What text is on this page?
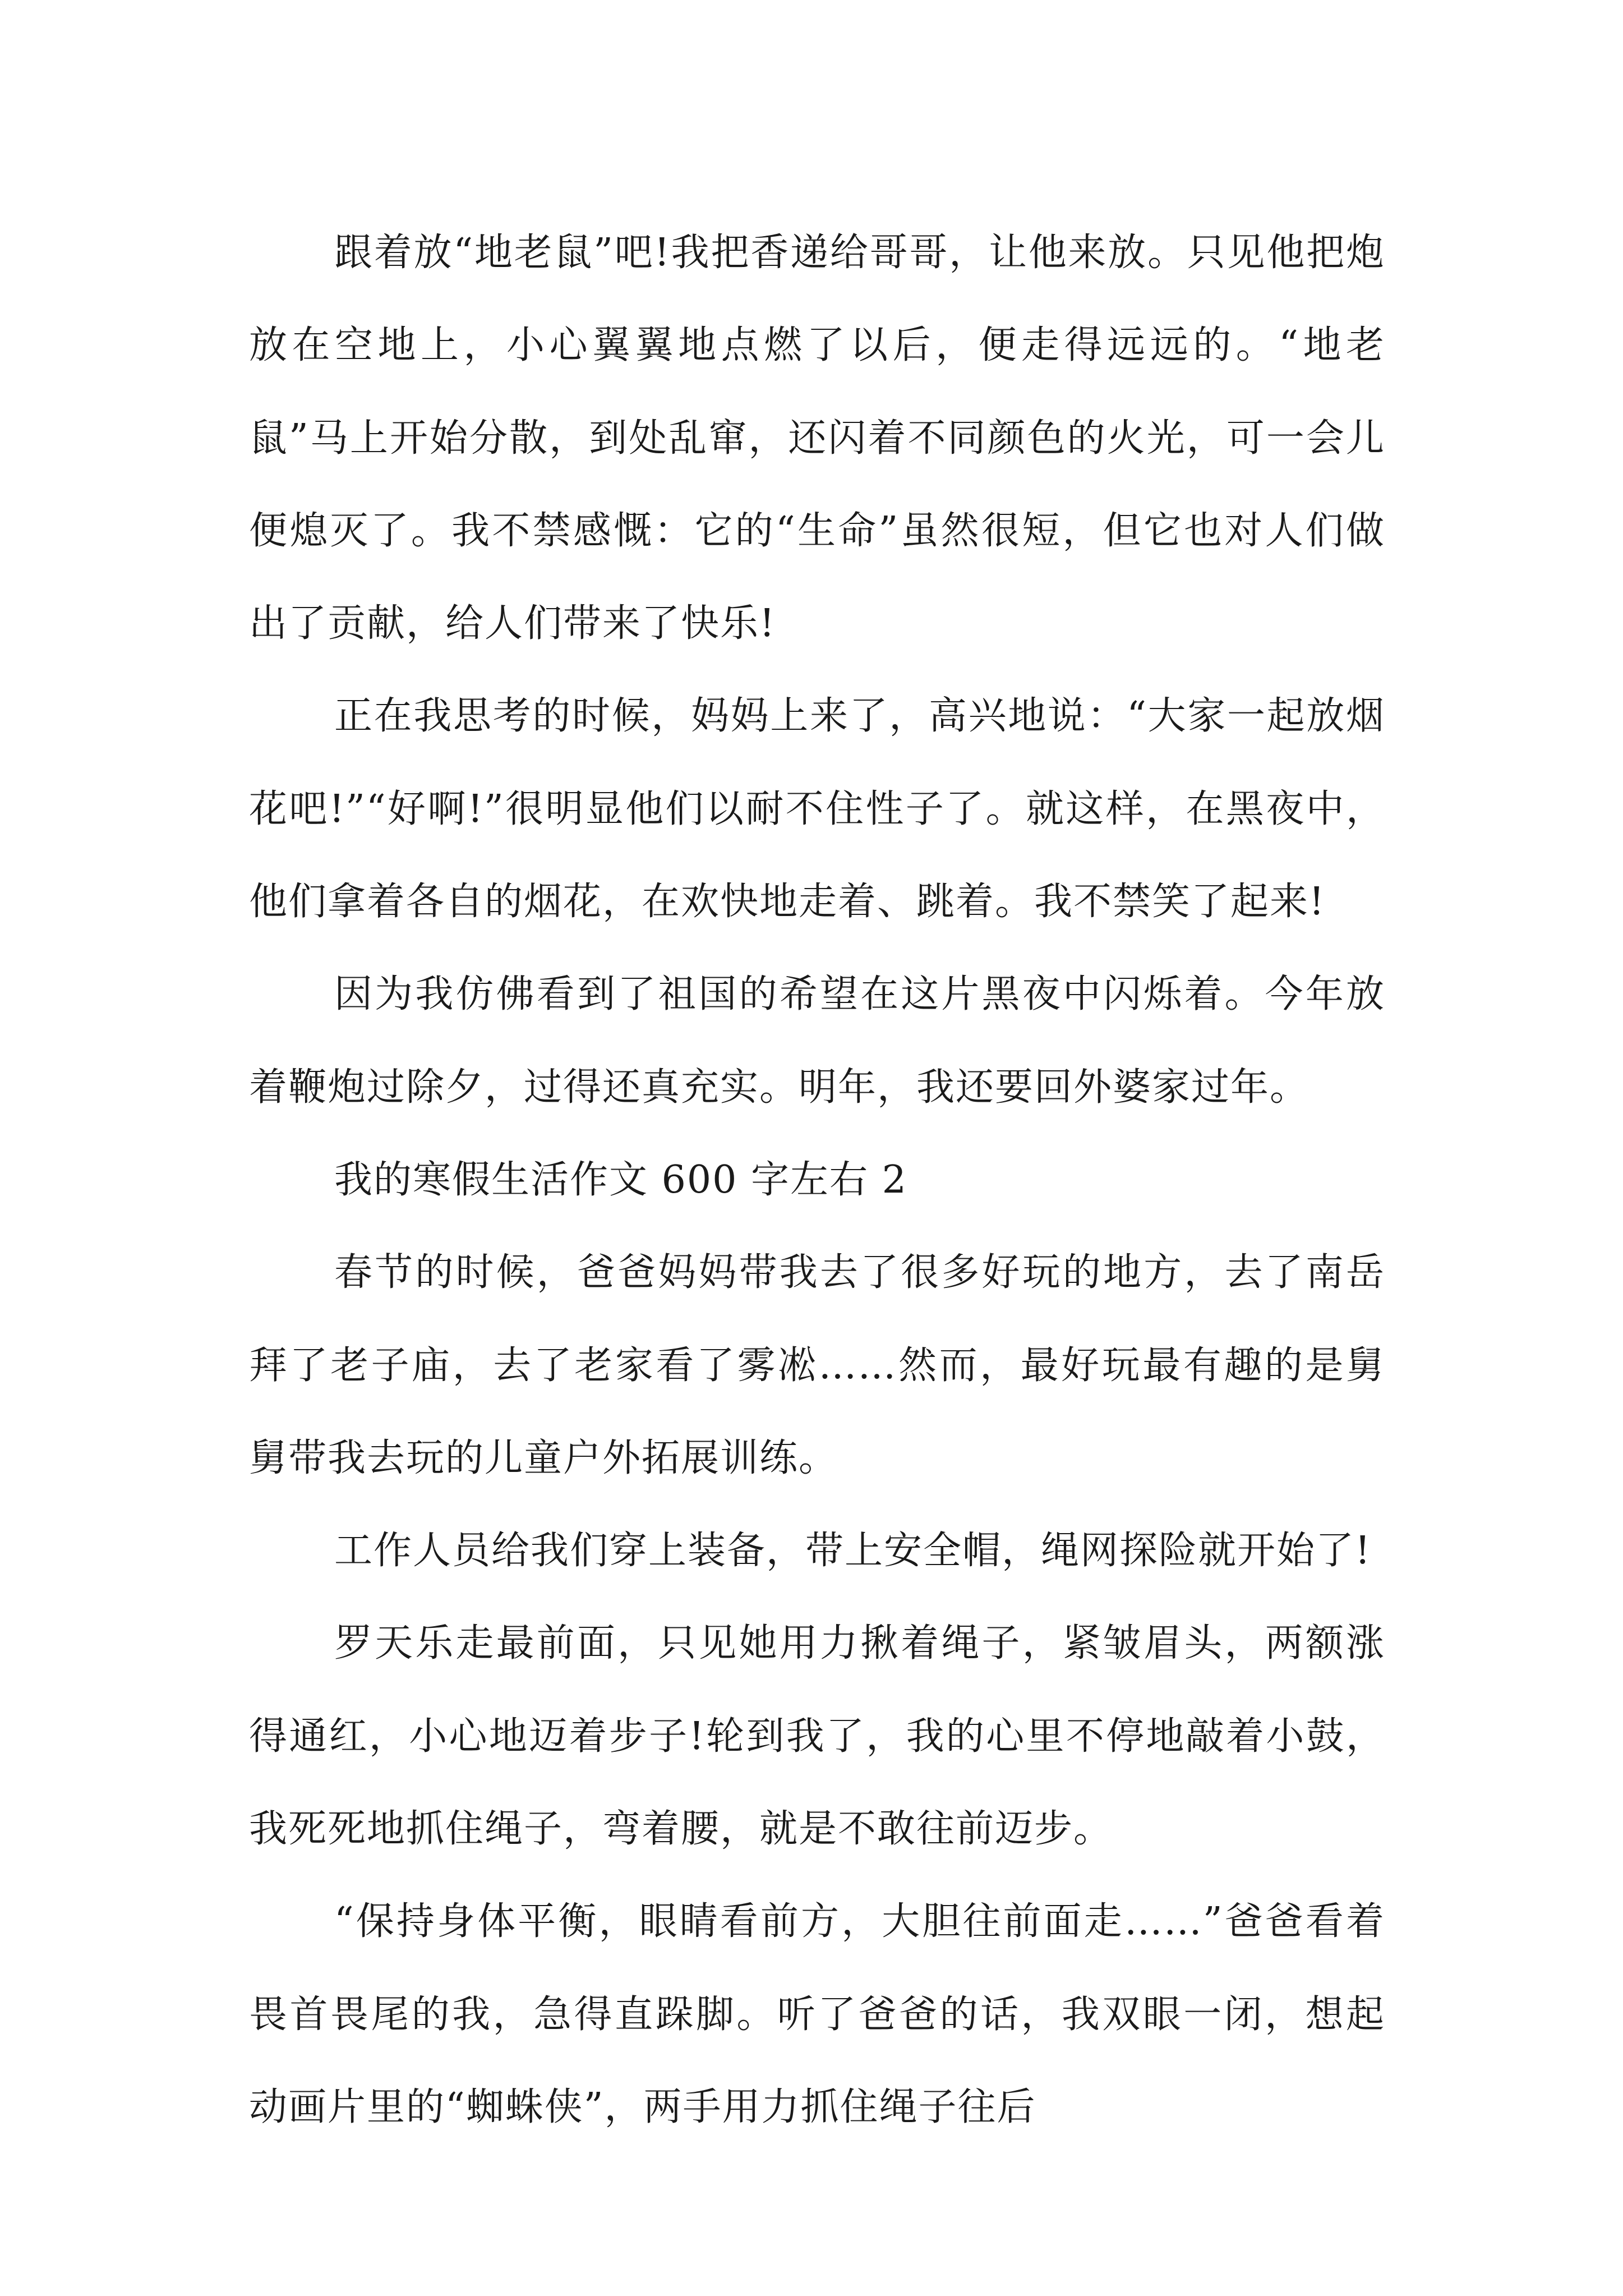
跟着放“地老鼠”吧!我把香递给哥哥，让他来放。只见他把炮放在空地上，小心翼翼地点燃了以后，便走得远远的。“地老鼠”马上开始分散，到处乱窜，还闪着不同颜色的火光，可一会儿便熄灭了。我不禁感慨：它的“生命”虽然很短，但它也对人们做出了贡献，给人们带来了快乐!

正在我思考的时候，妈妈上来了，高兴地说：“大家一起放烟花吧!”“好啊!”很明显他们以耐不住性子了。就这样，在黑夜中，他们拿着各自的烟花，在欢快地走着、跳着。我不禁笑了起来!

因为我仿佛看到了祖国的希望在这片黑夜中闪烁着。今年放着鞭炮过除夕，过得还真充实。明年，我还要回外婆家过年。

我的寒假生活作文 600 字左右 2

春节的时候，爸爸妈妈带我去了很多好玩的地方，去了南岳拜了老子庙，去了老家看了雾凇……然而，最好玩最有趣的是舅舅带我去玩的儿童户外拓展训练。

工作人员给我们穿上装备，带上安全帽，绳网探险就开始了!

罗天乐走最前面，只见她用力揪着绳子，紧皱眉头，两额涨得通红，小心地迈着步子!轮到我了，我的心里不停地敲着小鼓，我死死地抓住绳子，弯着腰，就是不敢往前迈步。

“保持身体平衡，眼睛看前方，大胆往前面走……”爸爸看着畏首畏尾的我，急得直跺脚。听了爸爸的话，我双眼一闭，想起动画片里的“蜘蛛侠”，两手用力抓住绳子往后
